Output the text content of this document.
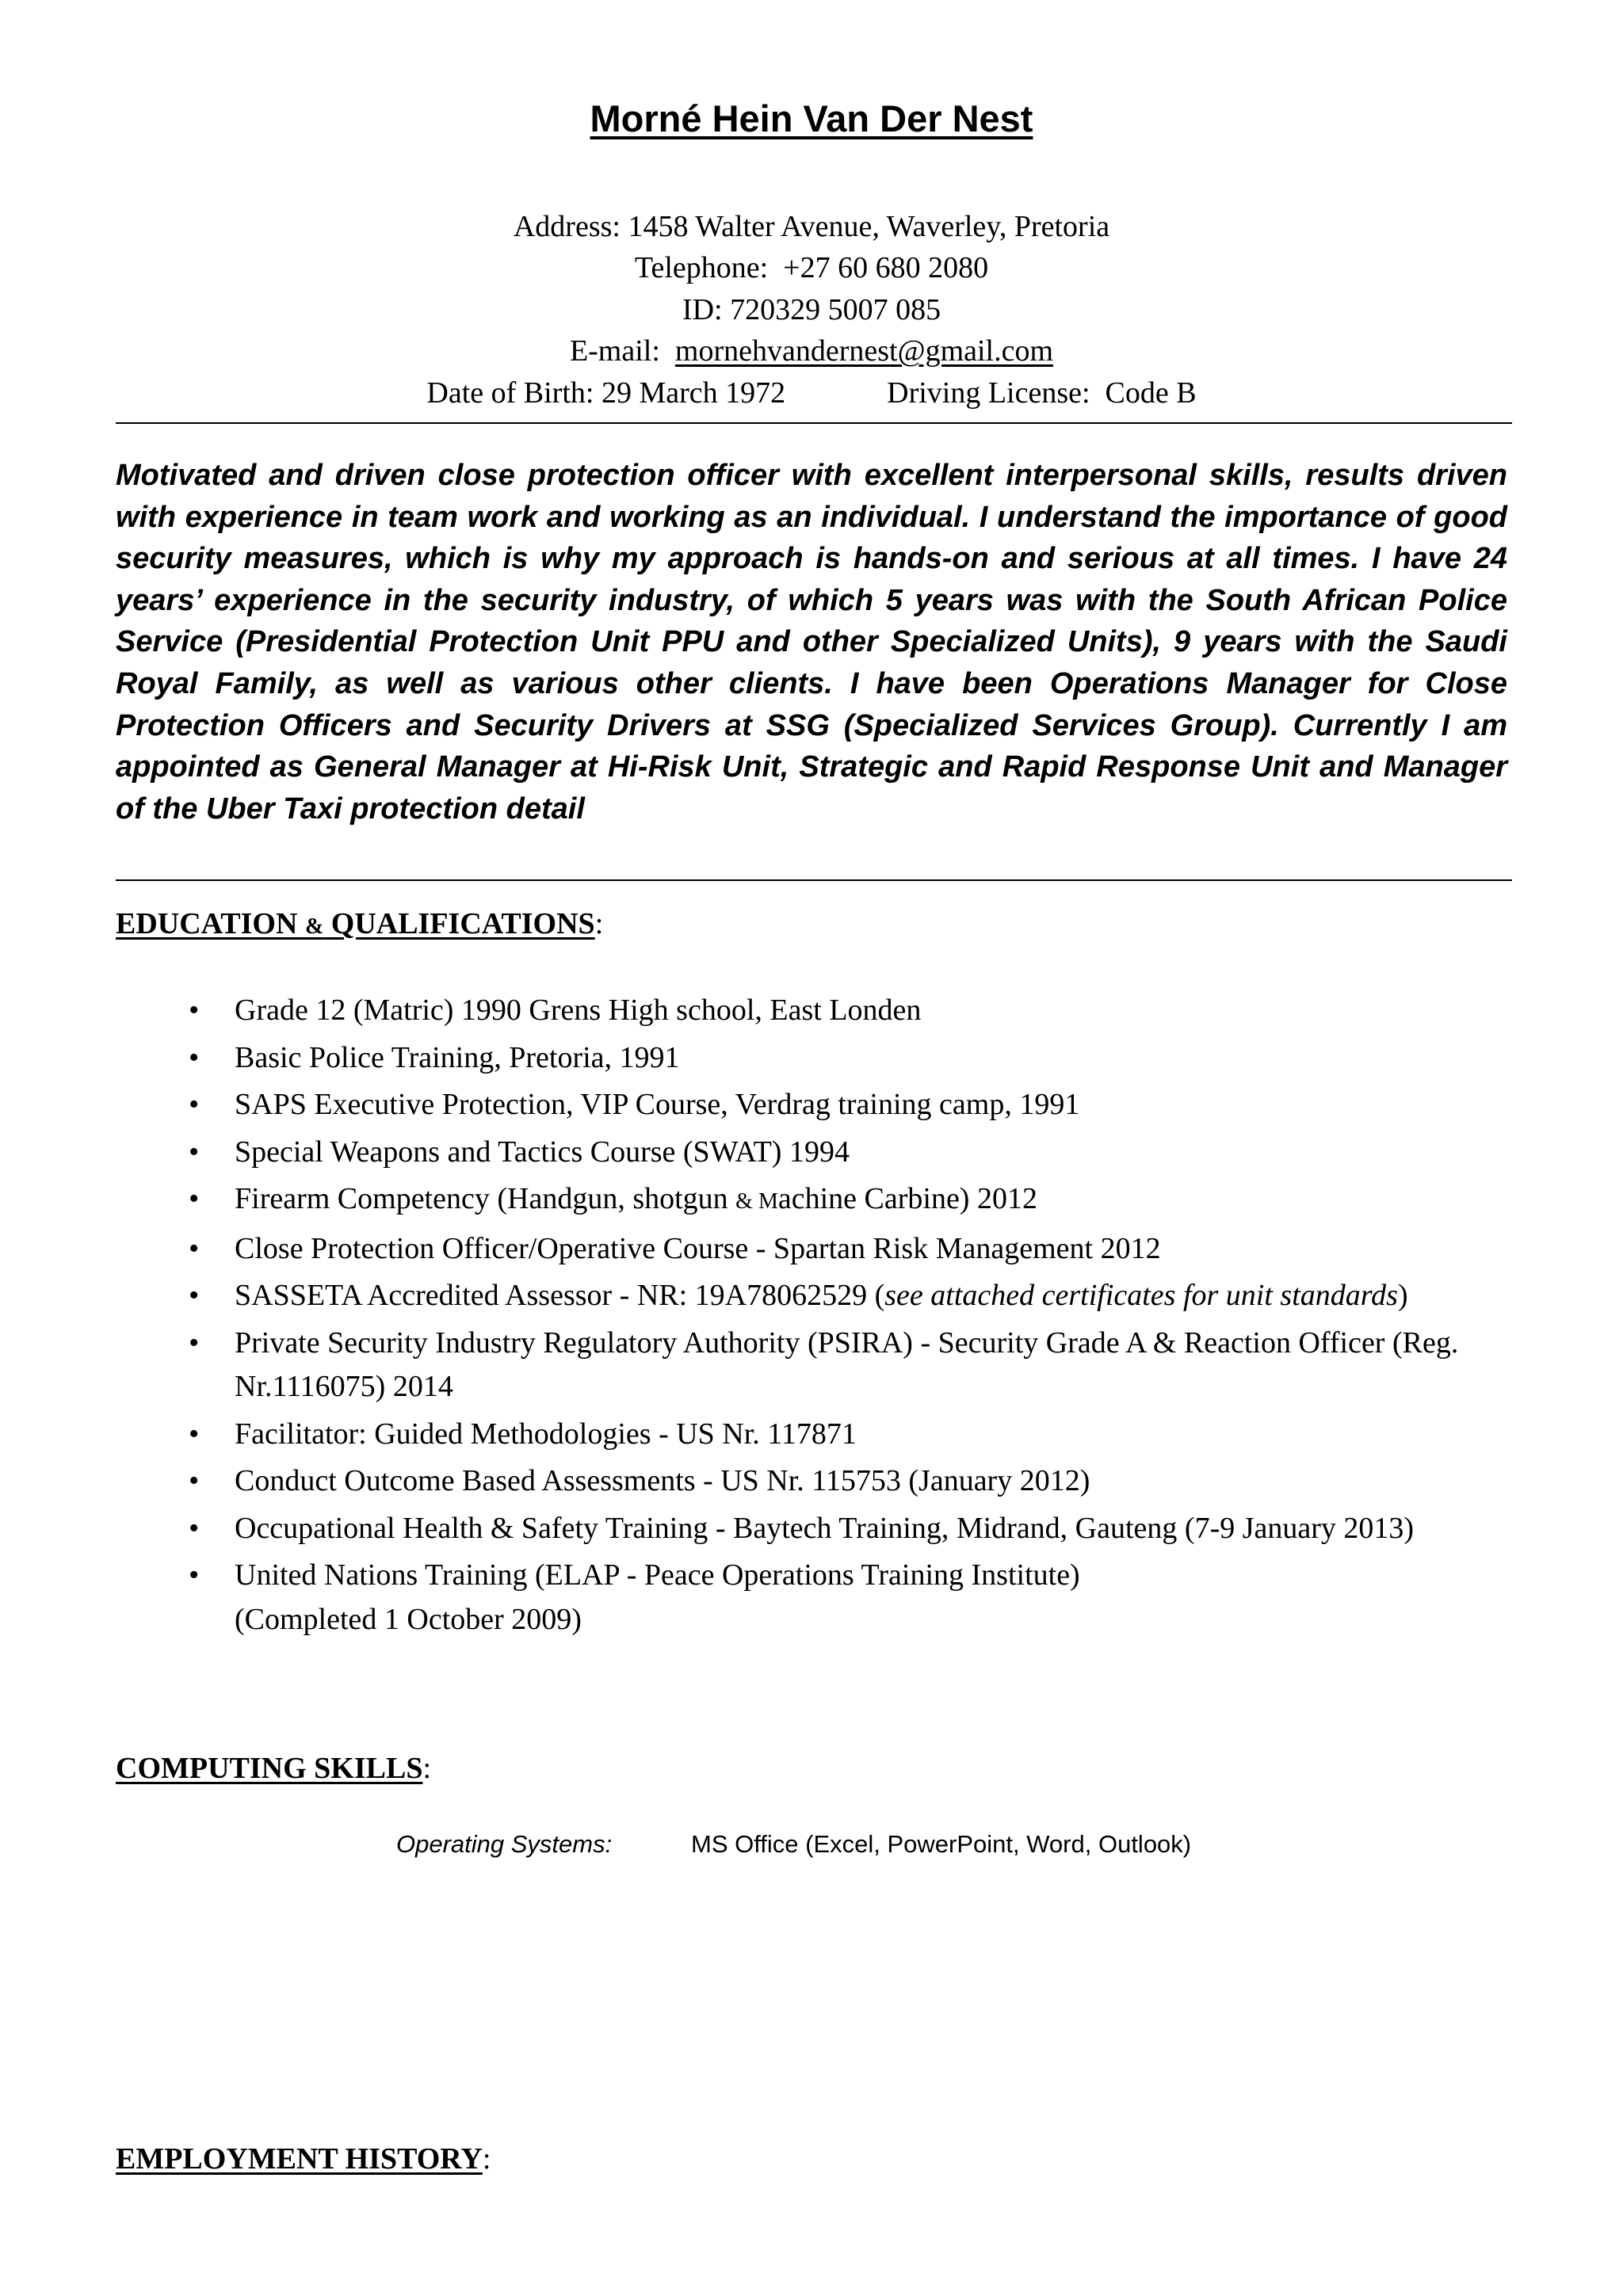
Morné Hein Van Der Nest
Address: 1458 Walter Avenue, Waverley, Pretoria
Telephone:  +27 60 680 2080
ID: 720329 5007 085
E-mail:  mornehvandernest@gmail.com
Date of Birth: 29 March 1972	Driving License:  Code B

Motivated and driven close protection officer with excellent interpersonal skills, results driven with experience in team work and working as an individual. I understand the importance of good security measures, which is why my approach is hands-on and serious at all times. I have 24 years’ experience in the security industry, of which 5 years was with the South African Police Service (Presidential Protection Unit PPU and other Specialized Units), 9 years with the Saudi Royal Family, as well as various other clients. I have been Operations Manager for Close Protection Officers and Security Drivers at SSG (Specialized Services Group). Currently I am appointed as General Manager at Hi-Risk Unit, Strategic and Rapid Response Unit and Manager of the Uber Taxi protection detail

EDUCATION & QUALIFICATIONS:
• Grade 12 (Matric) 1990 Grens High school, East Londen
• Basic Police Training, Pretoria, 1991
• SAPS Executive Protection, VIP Course, Verdrag training camp, 1991
• Special Weapons and Tactics Course (SWAT) 1994
• Firearm Competency (Handgun, shotgun & Machine Carbine) 2012
• Close Protection Officer/Operative Course - Spartan Risk Management 2012
• SASSETA Accredited Assessor - NR: 19A78062529 (see attached certificates for unit standards)
• Private Security Industry Regulatory Authority (PSIRA) - Security Grade A & Reaction Officer (Reg. Nr.1116075) 2014
• Facilitator: Guided Methodologies - US Nr. 117871
• Conduct Outcome Based Assessments - US Nr. 115753 (January 2012)
• Occupational Health & Safety Training - Baytech Training, Midrand, Gauteng (7-9 January 2013)
• United Nations Training (ELAP - Peace Operations Training Institute)
(Completed 1 October 2009)
COMPUTING SKILLS:
Operating Systems:	MS Office (Excel, PowerPoint, Word, Outlook)
EMPLOYMENT HISTORY:
